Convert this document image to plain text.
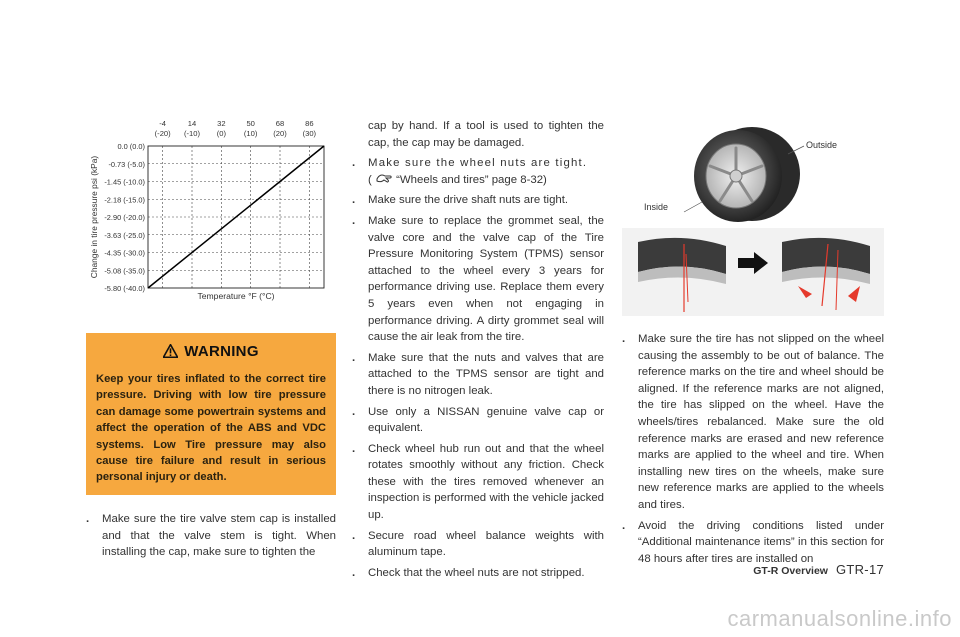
0.0 (0.0)
-0.73 (-5.0)
-1.45 (-10.0)
-2.18 (-15.0)
-2.90 (-20.0)
-3.63 (-25.0)
-4.35 (-30.0)
-5.08 (-35.0)
-5.80 (-40.0)
-4
(-20)
14
(-10)
32
(0)
50
(10)
68
(20)
86
(30)
Change in tire pressure psi (kPa)
Temperature °F (°C)
WARNING

Keep your tires inflated to the correct tire pressure. Driving with low tire pressure can damage some powertrain systems and affect the operation of the ABS and VDC systems. Low Tire pressure may also cause tire failure and result in serious personal injury or death.

. Make sure the tire valve stem cap is installed and that the valve stem is tight. When installing the cap, make sure to tighten the

cap by hand. If a tool is used to tighten the cap, the cap may be damaged.

. Make sure the wheel nuts are tight.
( “Wheels and tires” page 8-32)

. Make sure the drive shaft nuts are tight.

. Make sure to replace the grommet seal, the valve core and the valve cap of the Tire Pressure Monitoring System (TPMS) sensor attached to the wheel every 3 years for performance driving use. Replace them every 5 years even when not engaging in performance driving. A dirty grommet seal will cause the air leak from the tire.

. Make sure that the nuts and valves that are attached to the TPMS sensor are tight and there is no nitrogen leak.

. Use only a NISSAN genuine valve cap or equivalent.

. Check wheel hub run out and that the wheel rotates smoothly without any friction. Check these with the tires removed whenever an inspection is performed with the vehicle jacked up.

. Secure road wheel balance weights with aluminum tape.

. Check that the wheel nuts are not stripped.

Outside
Inside

. Make sure the tire has not slipped on the wheel causing the assembly to be out of balance. The reference marks on the tire and wheel should be aligned. If the reference marks are not aligned, the tire has slipped on the wheel. Have the wheels/tires rebalanced. Make sure the old reference marks are erased and new reference marks are applied to the wheel and tire. When installing new tires on the wheels, make sure new reference marks are applied to the wheels and tires.

. Avoid the driving conditions listed under “Additional maintenance items” in this section for 48 hours after tires are installed on

GT-R Overview GTR-17
carmanualsonline.info
